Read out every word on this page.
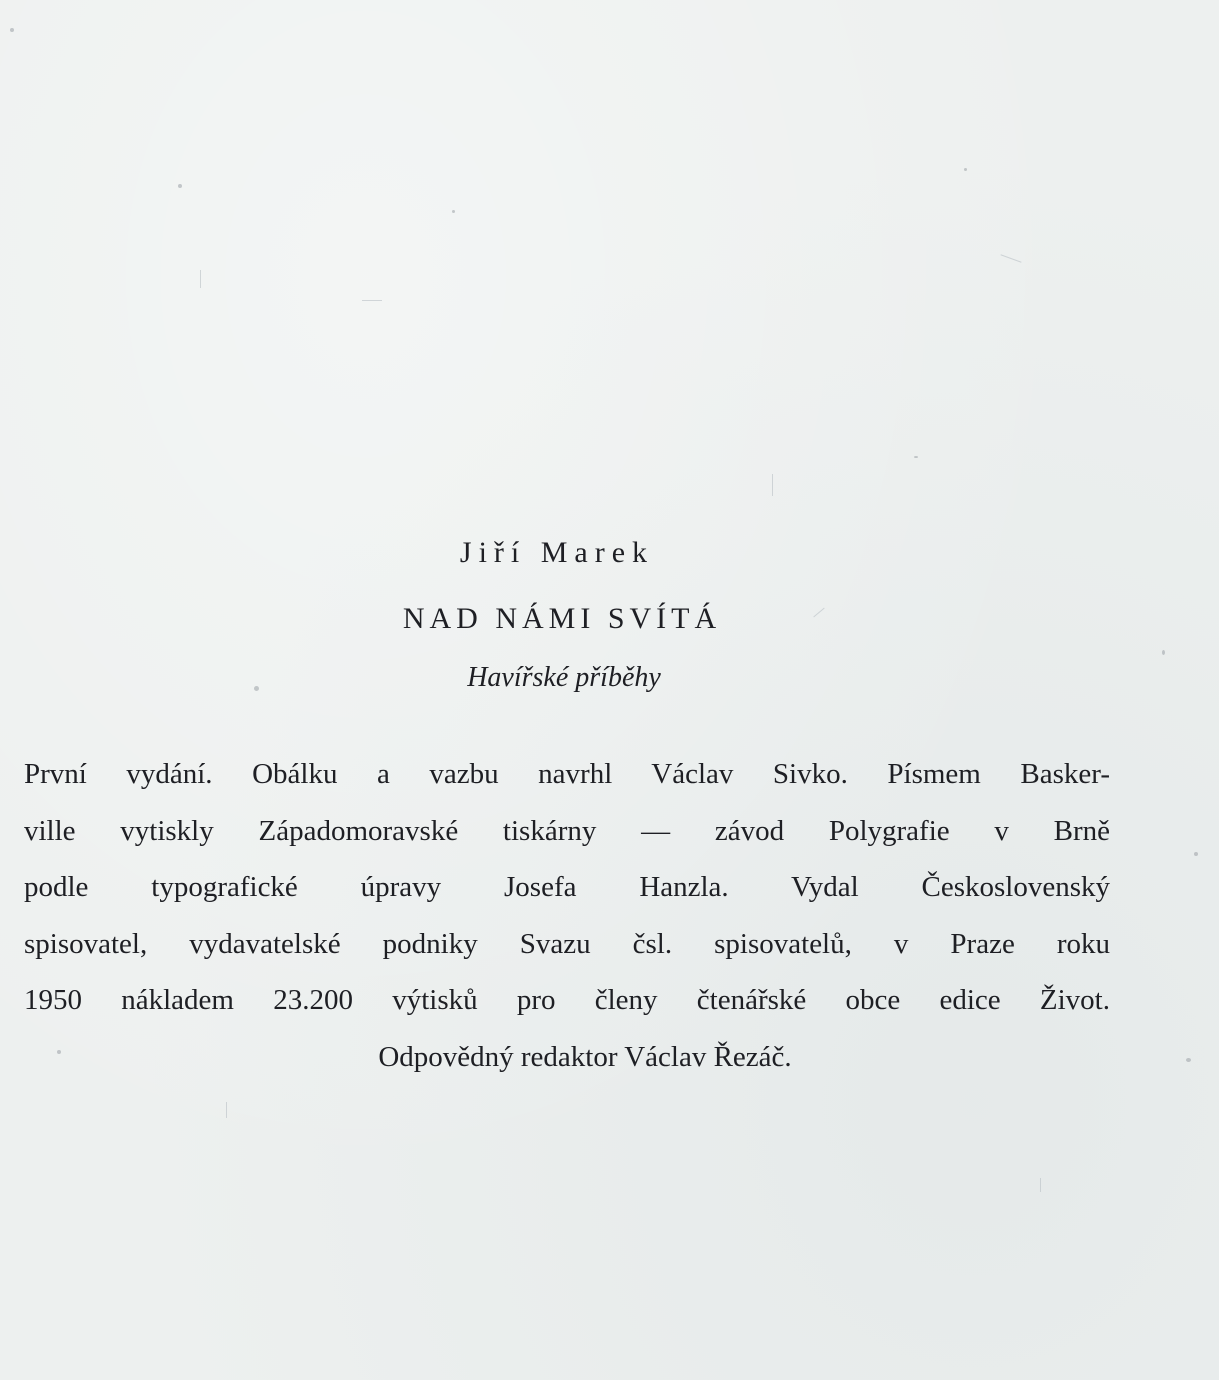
Jiří Marek
NAD NÁMI SVÍTÁ
Havířské příběhy
První vydání. Obálku a vazbu navrhl Václav Sivko. Písmem Basker-
ville vytiskly Západomoravské tiskárny — závod Polygrafie v Brně
podle typografické úpravy Josefa Hanzla. Vydal Československý
spisovatel, vydavatelské podniky Svazu čsl. spisovatelů, v Praze roku
1950 nákladem 23.200 výtisků pro členy čtenářské obce edice Život.
Odpovědný redaktor Václav Řezáč.
